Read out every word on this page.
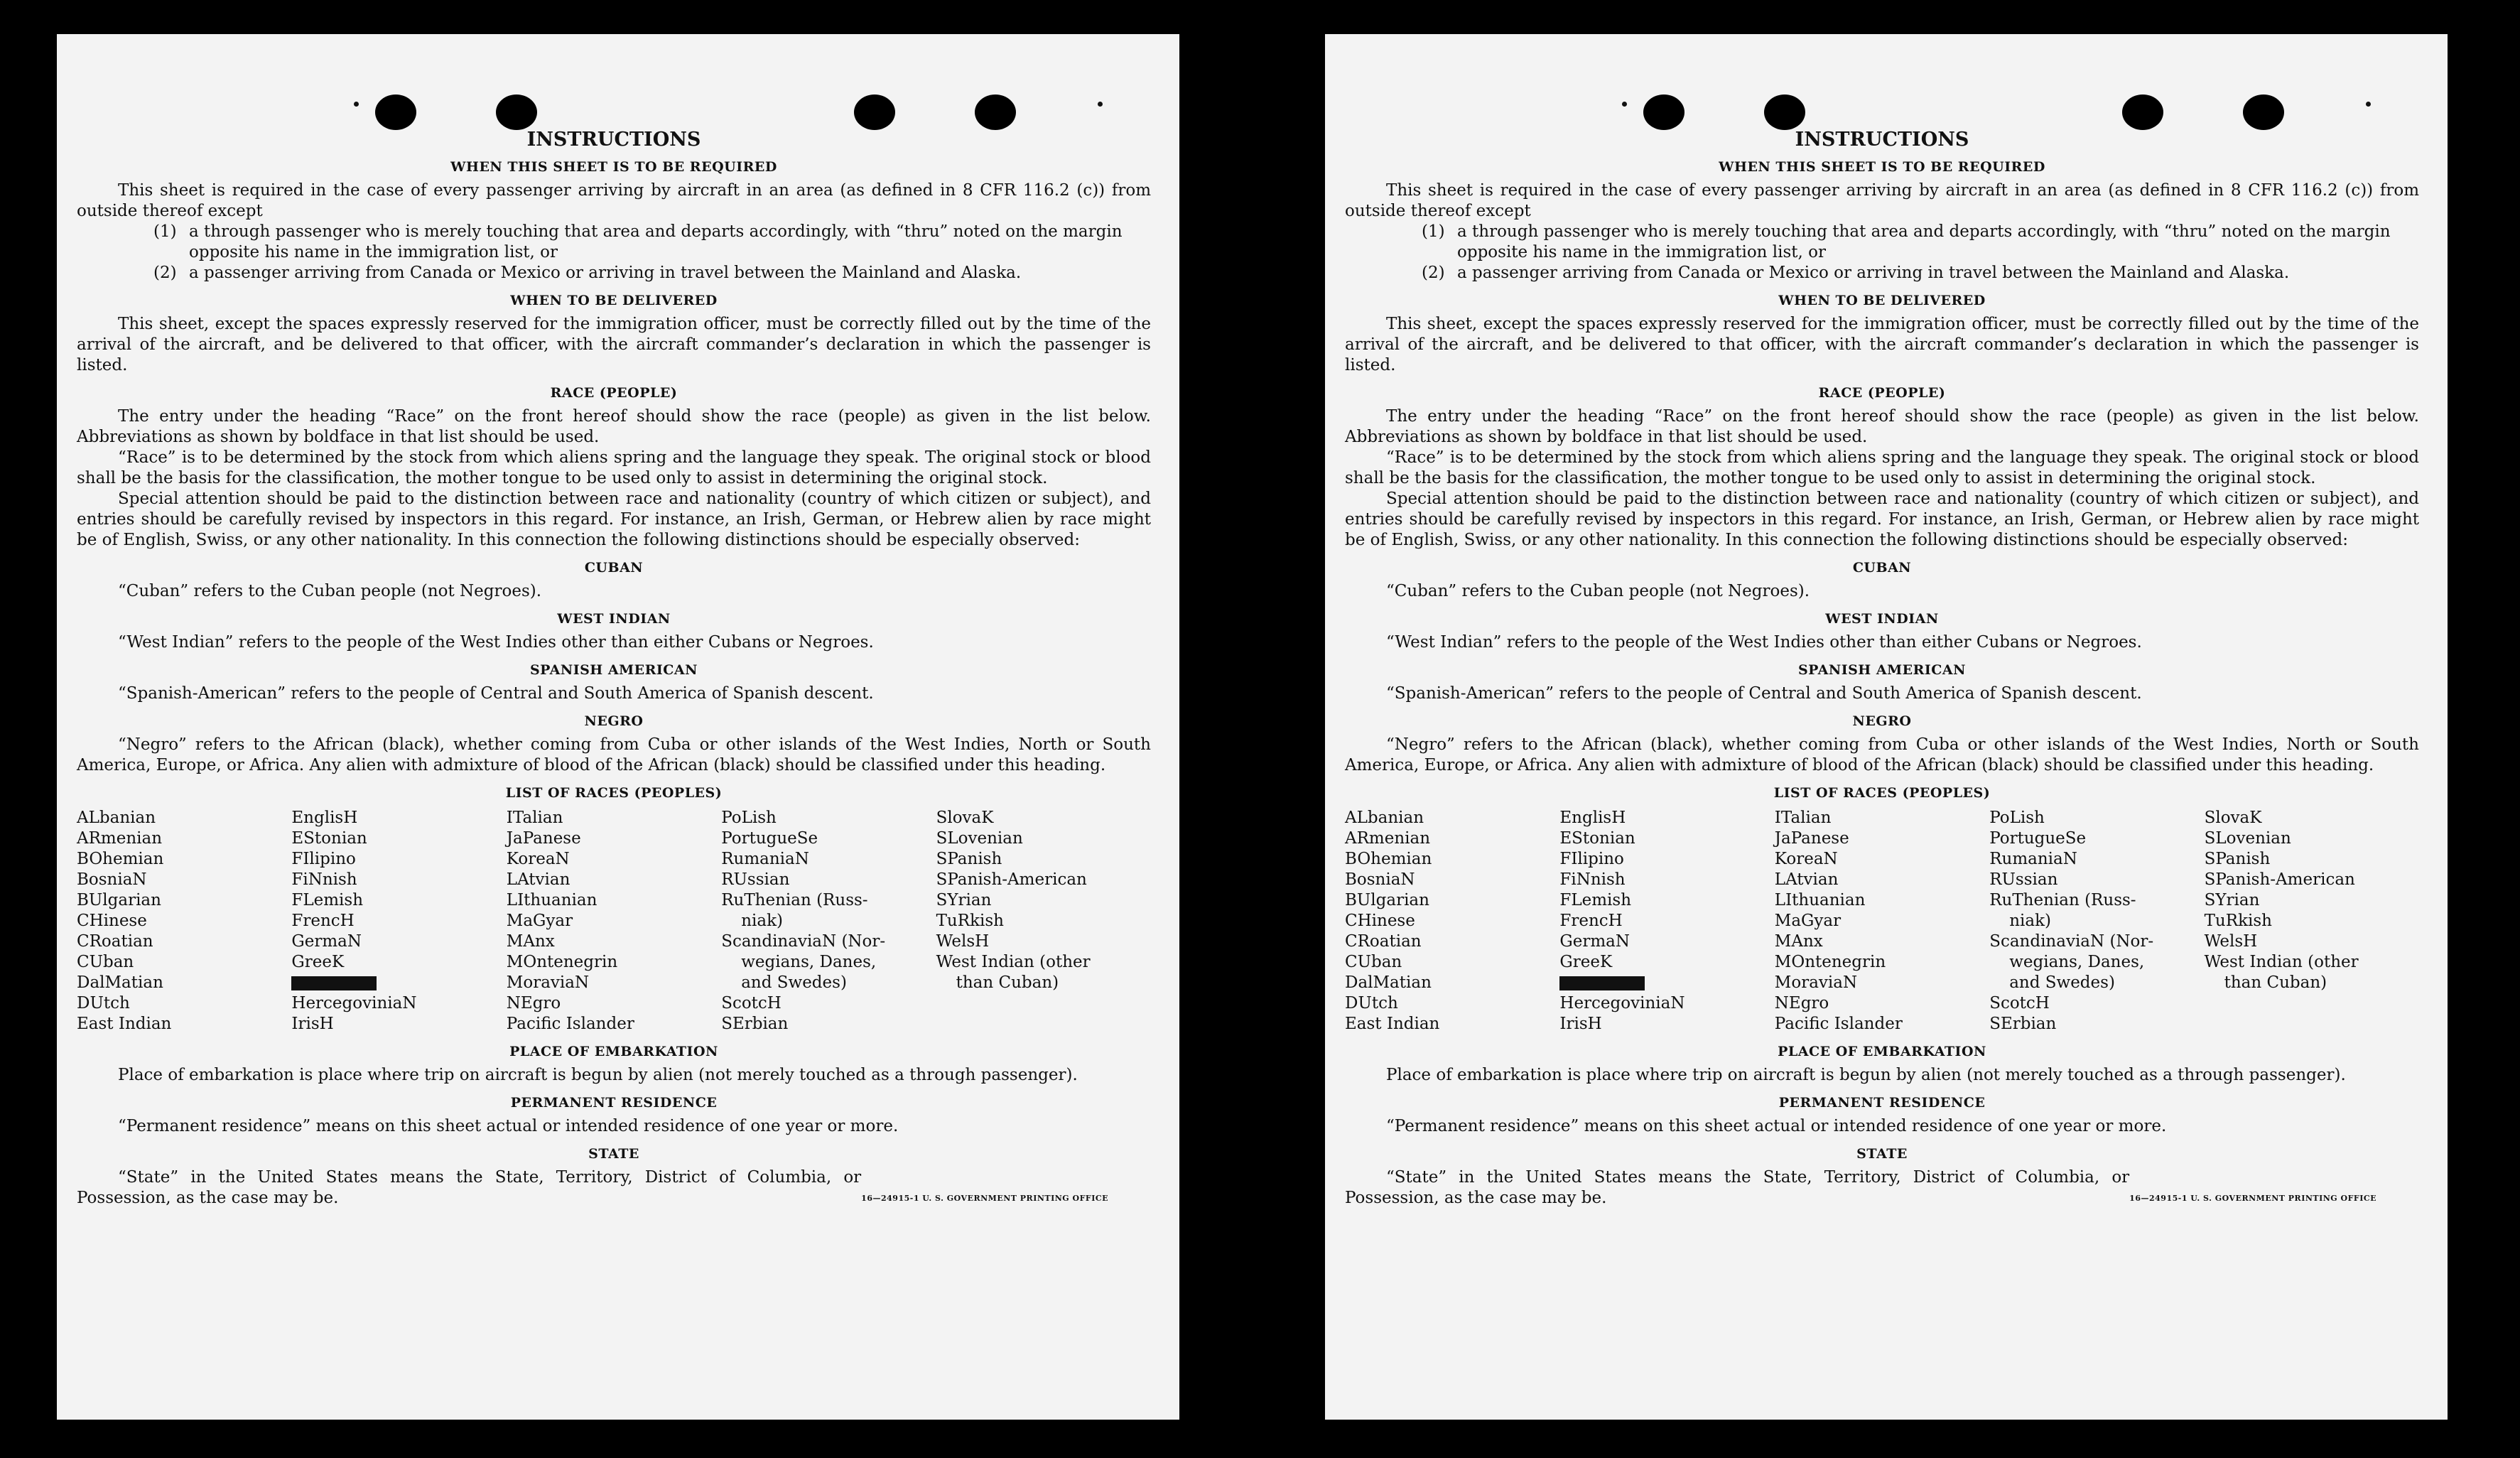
INSTRUCTIONS
WHEN THIS SHEET IS TO BE REQUIRED

This sheet is required in the case of every passenger arriving by aircraft in an area (as defined in 8 CFR 116.2 (c)) from outside thereof except

(1) a through passenger who is merely touching that area and departs accordingly, with “thru” noted on the margin opposite his name in the immigration list, or
(2) a passenger arriving from Canada or Mexico or arriving in travel between the Mainland and Alaska.
WHEN TO BE DELIVERED

This sheet, except the spaces expressly reserved for the immigration officer, must be correctly filled out by the time of the arrival of the aircraft, and be delivered to that officer, with the aircraft commander’s declaration in which the passenger is listed.

RACE (PEOPLE)

The entry under the heading “Race” on the front hereof should show the race (people) as given in the list below. Abbreviations as shown by boldface in that list should be used.

“Race” is to be determined by the stock from which aliens spring and the language they speak. The original stock or blood shall be the basis for the classification, the mother tongue to be used only to assist in determining the original stock.

Special attention should be paid to the distinction between race and nationality (country of which citizen or subject), and entries should be carefully revised by inspectors in this regard. For instance, an Irish, German, or Hebrew alien by race might be of English, Swiss, or any other nationality. In this connection the following distinctions should be especially observed:

CUBAN

“Cuban” refers to the Cuban people (not Negroes).

WEST INDIAN

“West Indian” refers to the people of the West Indies other than either Cubans or Negroes.

SPANISH AMERICAN

“Spanish-American” refers to the people of Central and South America of Spanish descent.

NEGRO

“Negro” refers to the African (black), whether coming from Cuba or other islands of the West Indies, North or South America, Europe, or Africa. Any alien with admixture of blood of the African (black) should be classified under this heading.

LIST OF RACES (PEOPLES)
ALbanian
ARmenian
BOhemian
BosniaN
BUlgarian
CHinese
CRoatian
CUban
DalMatian
DUtch
East Indian
EnglisH
EStonian
FIlipino
FiNnish
FLemish
FrencH
GermaN
GreeK
HercegoviniaN
IrisH
ITalian
JaPanese
KoreaN
LAtvian
LIthuanian
MaGyar
MAnx
MOntenegrin
MoraviaN
NEgro
Pacific Islander
PoLish
PortugueSe
RumaniaN
RUssian
RuThenian (Russ-
niak)
ScandinaviaN (Nor-
wegians, Danes,
and Swedes)
ScotcH
SErbian
SlovaK
SLovenian
SPanish
SPanish-American
SYrian
TuRkish
WelsH
West Indian (other
than Cuban)
PLACE OF EMBARKATION

Place of embarkation is place where trip on aircraft is begun by alien (not merely touched as a through passenger).

PERMANENT RESIDENCE

“Permanent residence” means on this sheet actual or intended residence of one year or more.

STATE

“State” in the United States means the State, Territory, District of Columbia, or Possession, as the case may be.	16—24915-1 U. S. GOVERNMENT PRINTING OFFICE
INSTRUCTIONS
WHEN THIS SHEET IS TO BE REQUIRED

This sheet is required in the case of every passenger arriving by aircraft in an area (as defined in 8 CFR 116.2 (c)) from outside thereof except

(1) a through passenger who is merely touching that area and departs accordingly, with “thru” noted on the margin opposite his name in the immigration list, or
(2) a passenger arriving from Canada or Mexico or arriving in travel between the Mainland and Alaska.
WHEN TO BE DELIVERED

This sheet, except the spaces expressly reserved for the immigration officer, must be correctly filled out by the time of the arrival of the aircraft, and be delivered to that officer, with the aircraft commander’s declaration in which the passenger is listed.

RACE (PEOPLE)

The entry under the heading “Race” on the front hereof should show the race (people) as given in the list below. Abbreviations as shown by boldface in that list should be used.

“Race” is to be determined by the stock from which aliens spring and the language they speak. The original stock or blood shall be the basis for the classification, the mother tongue to be used only to assist in determining the original stock.

Special attention should be paid to the distinction between race and nationality (country of which citizen or subject), and entries should be carefully revised by inspectors in this regard. For instance, an Irish, German, or Hebrew alien by race might be of English, Swiss, or any other nationality. In this connection the following distinctions should be especially observed:

CUBAN

“Cuban” refers to the Cuban people (not Negroes).

WEST INDIAN

“West Indian” refers to the people of the West Indies other than either Cubans or Negroes.

SPANISH AMERICAN

“Spanish-American” refers to the people of Central and South America of Spanish descent.

NEGRO

“Negro” refers to the African (black), whether coming from Cuba or other islands of the West Indies, North or South America, Europe, or Africa. Any alien with admixture of blood of the African (black) should be classified under this heading.

LIST OF RACES (PEOPLES)
ALbanian
ARmenian
BOhemian
BosniaN
BUlgarian
CHinese
CRoatian
CUban
DalMatian
DUtch
East Indian
EnglisH
EStonian
FIlipino
FiNnish
FLemish
FrencH
GermaN
GreeK
HercegoviniaN
IrisH
ITalian
JaPanese
KoreaN
LAtvian
LIthuanian
MaGyar
MAnx
MOntenegrin
MoraviaN
NEgro
Pacific Islander
PoLish
PortugueSe
RumaniaN
RUssian
RuThenian (Russ-
niak)
ScandinaviaN (Nor-
wegians, Danes,
and Swedes)
ScotcH
SErbian
SlovaK
SLovenian
SPanish
SPanish-American
SYrian
TuRkish
WelsH
West Indian (other
than Cuban)
PLACE OF EMBARKATION

Place of embarkation is place where trip on aircraft is begun by alien (not merely touched as a through passenger).

PERMANENT RESIDENCE

“Permanent residence” means on this sheet actual or intended residence of one year or more.

STATE

“State” in the United States means the State, Territory, District of Columbia, or Possession, as the case may be.	16—24915-1 U. S. GOVERNMENT PRINTING OFFICE
